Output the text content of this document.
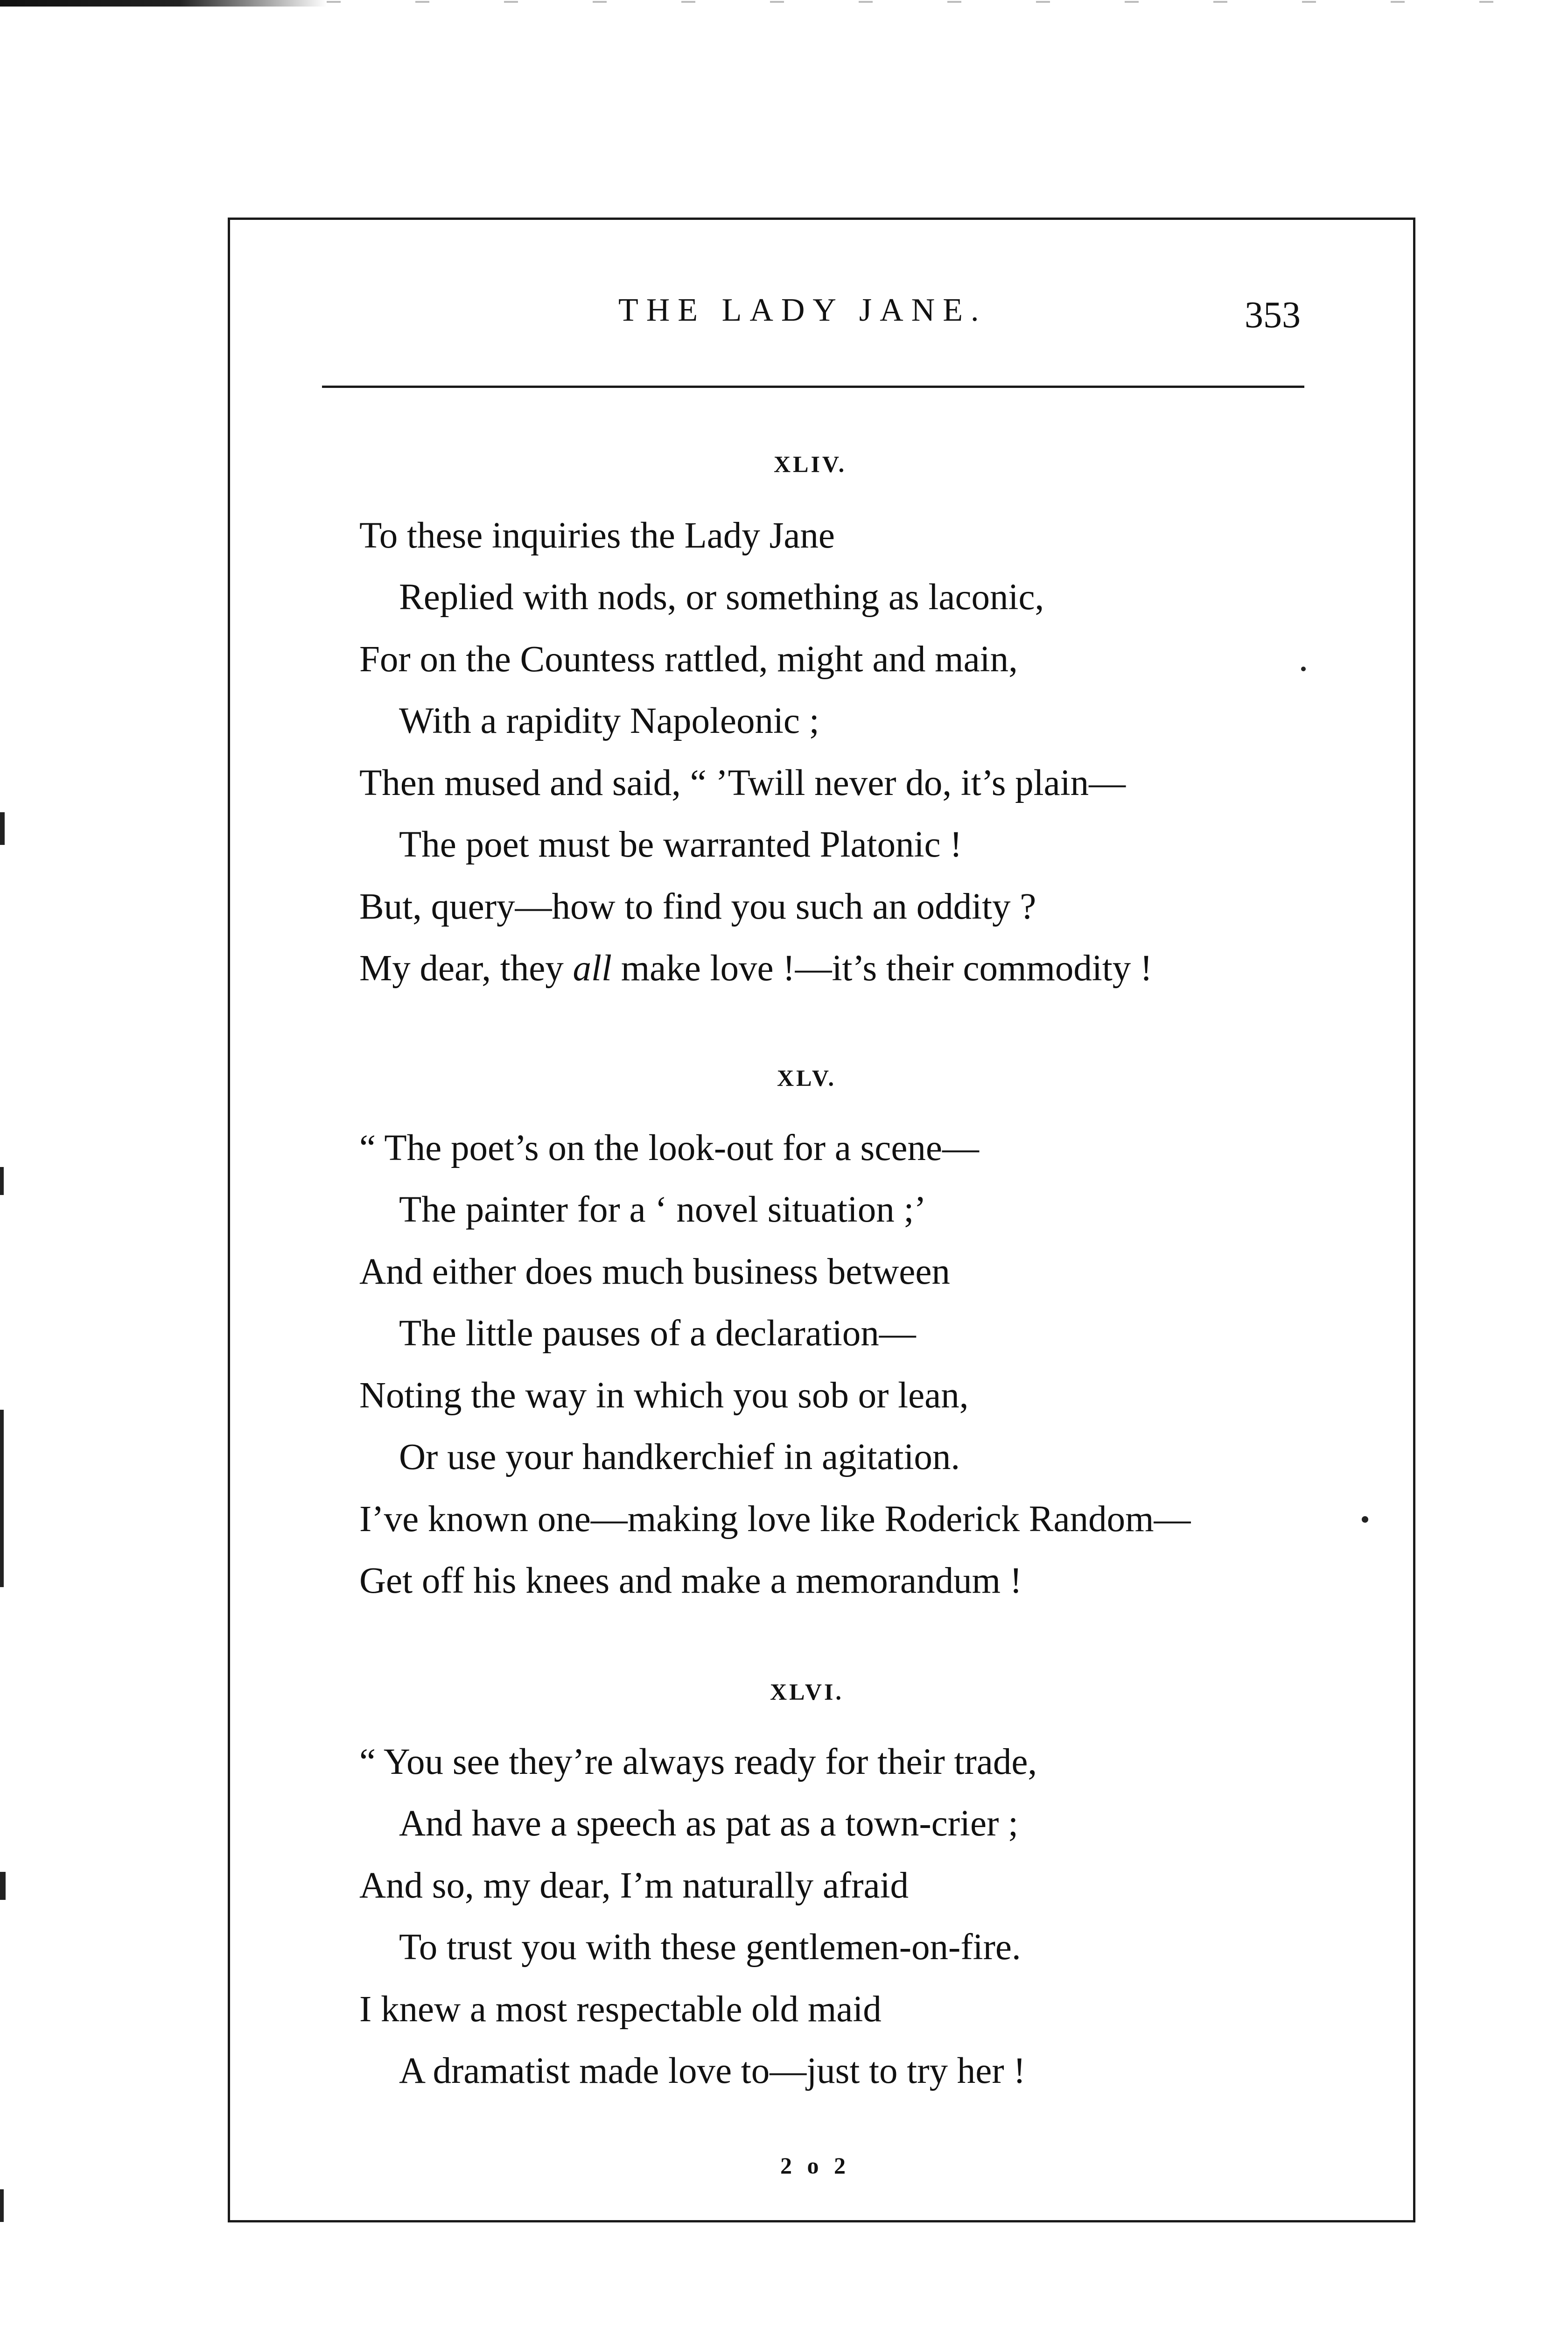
THE LADY JANE.	353
XLIV.
To these inquiries the Lady Jane
Replied with nods, or something as laconic,
For on the Countess rattled, might and main,
With a rapidity Napoleonic ;
Then mused and said, “ ’Twill never do, it’s plain—
The poet must be warranted Platonic !
But, query—how to find you such an oddity ?
My dear, they all make love !—it’s their commodity !
XLV.
“ The poet’s on the look-out for a scene—
The painter for a ‘ novel situation ;’
And either does much business between
The little pauses of a declaration—
Noting the way in which you sob or lean,
Or use your handkerchief in agitation.
I’ve known one—making love like Roderick Random—
Get off his knees and make a memorandum !
XLVI.
“ You see they’re always ready for their trade,
And have a speech as pat as a town-crier ;
And so, my dear, I’m naturally afraid
To trust you with these gentlemen-on-fire.
I knew a most respectable old maid
A dramatist made love to—just to try her !
2 o 2
